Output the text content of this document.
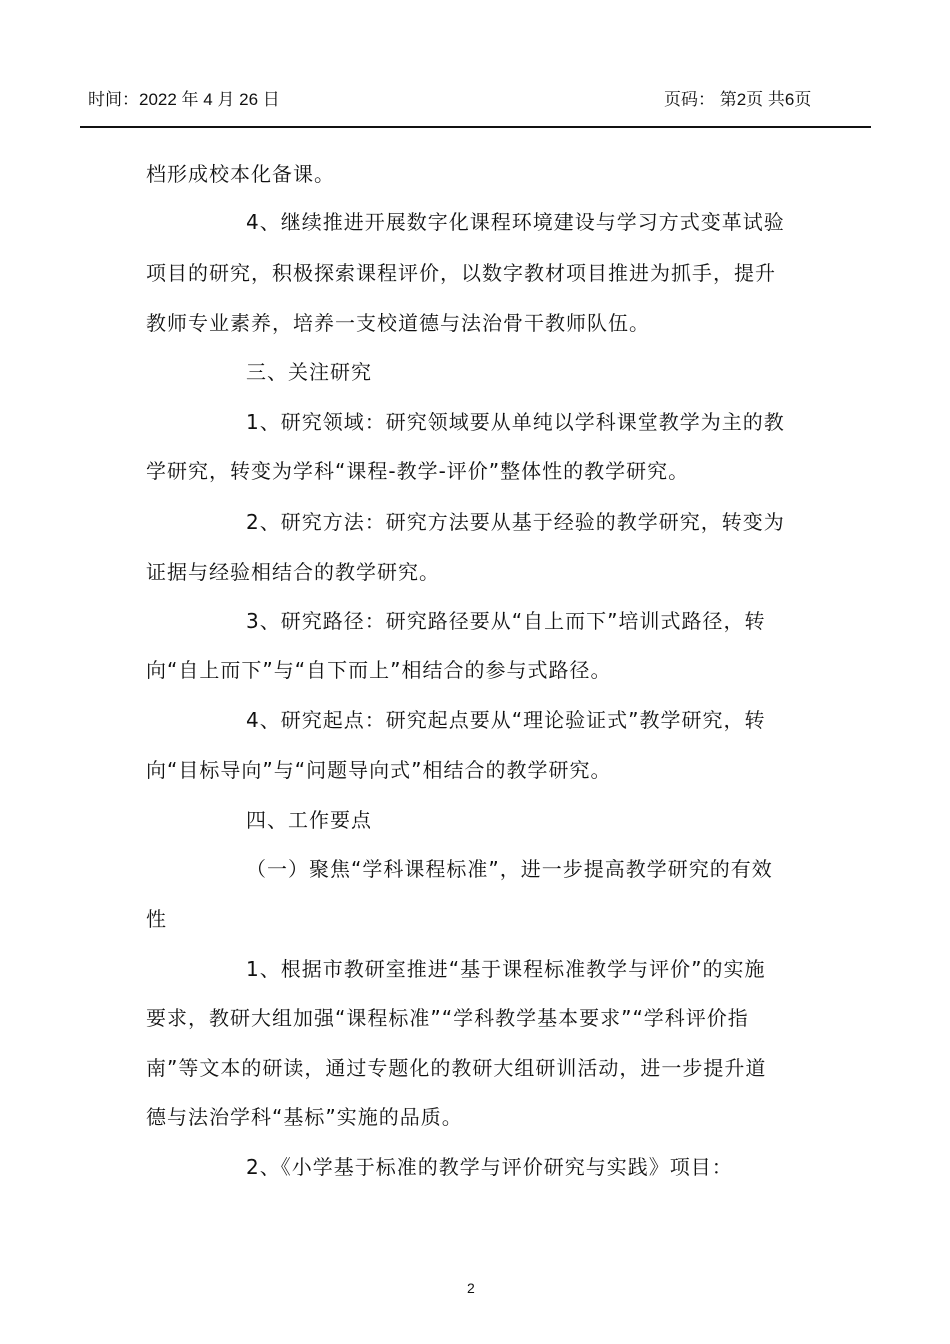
时间：2022 年 4 月 26 日	页码： 第2页 共6页
档形成校本化备课。
4、继续推进开展数字化课程环境建设与学习方式变革试验
项目的研究，积极探索课程评价，以数字教材项目推进为抓手，提升
教师专业素养，培养一支校道德与法治骨干教师队伍。
三、关注研究
1、研究领域：研究领域要从单纯以学科课堂教学为主的教
学研究，转变为学科“课程-教学-评价”整体性的教学研究。
2、研究方法：研究方法要从基于经验的教学研究，转变为
证据与经验相结合的教学研究。
3、研究路径：研究路径要从“自上而下”培训式路径，转
向“自上而下”与“自下而上”相结合的参与式路径。
4、研究起点：研究起点要从“理论验证式”教学研究，转
向“目标导向”与“问题导向式”相结合的教学研究。
四、工作要点
（一）聚焦“学科课程标准”，进一步提高教学研究的有效
性
1、根据市教研室推进“基于课程标准教学与评价”的实施
要求，教研大组加强“课程标准”“学科教学基本要求”“学科评价指
南”等文本的研读，通过专题化的教研大组研训活动，进一步提升道
德与法治学科“基标”实施的品质。
2、《小学基于标准的教学与评价研究与实践》项目：
2
